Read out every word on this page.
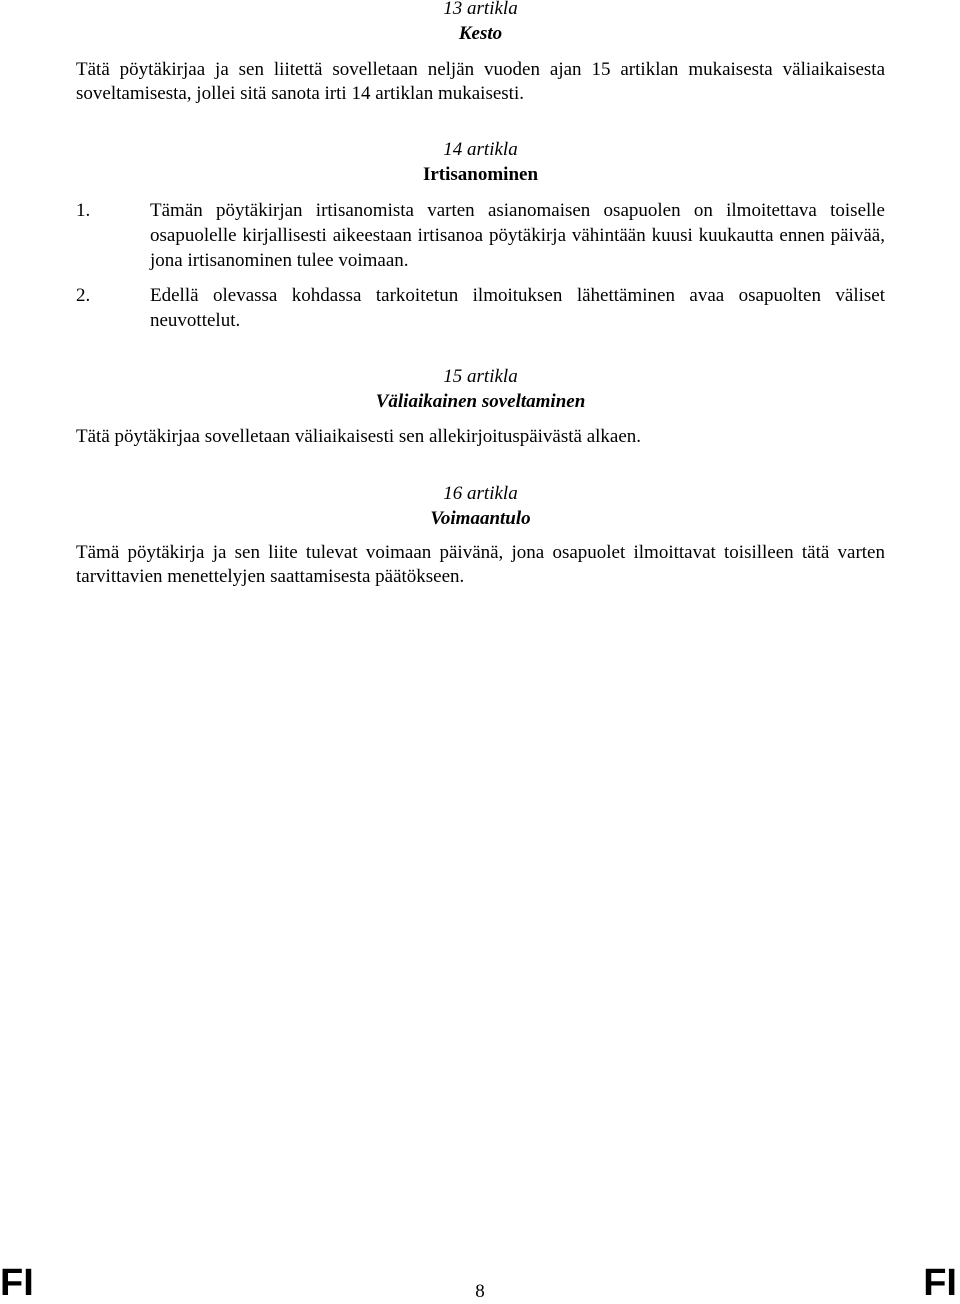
13 artikla

Kesto

Tätä pöytäkirjaa ja sen liitettä sovelletaan neljän vuoden ajan 15 artiklan mukaisesta väliaikaisesta soveltamisesta, jollei sitä sanota irti 14 artiklan mukaisesti.

14 artikla

Irtisanominen

1.	Tämän pöytäkirjan irtisanomista varten asianomaisen osapuolen on ilmoitettava toiselle osapuolelle kirjallisesti aikeestaan irtisanoa pöytäkirja vähintään kuusi kuukautta ennen päivää, jona irtisanominen tulee voimaan.
2.	Edellä olevassa kohdassa tarkoitetun ilmoituksen lähettäminen avaa osapuolten väliset neuvottelut.

15 artikla

Väliaikainen soveltaminen

Tätä pöytäkirjaa sovelletaan väliaikaisesti sen allekirjoituspäivästä alkaen.

16 artikla

Voimaantulo

Tämä pöytäkirja ja sen liite tulevat voimaan päivänä, jona osapuolet ilmoittavat toisilleen tätä varten tarvittavien menettelyjen saattamisesta päätökseen.

FI	8	FI
